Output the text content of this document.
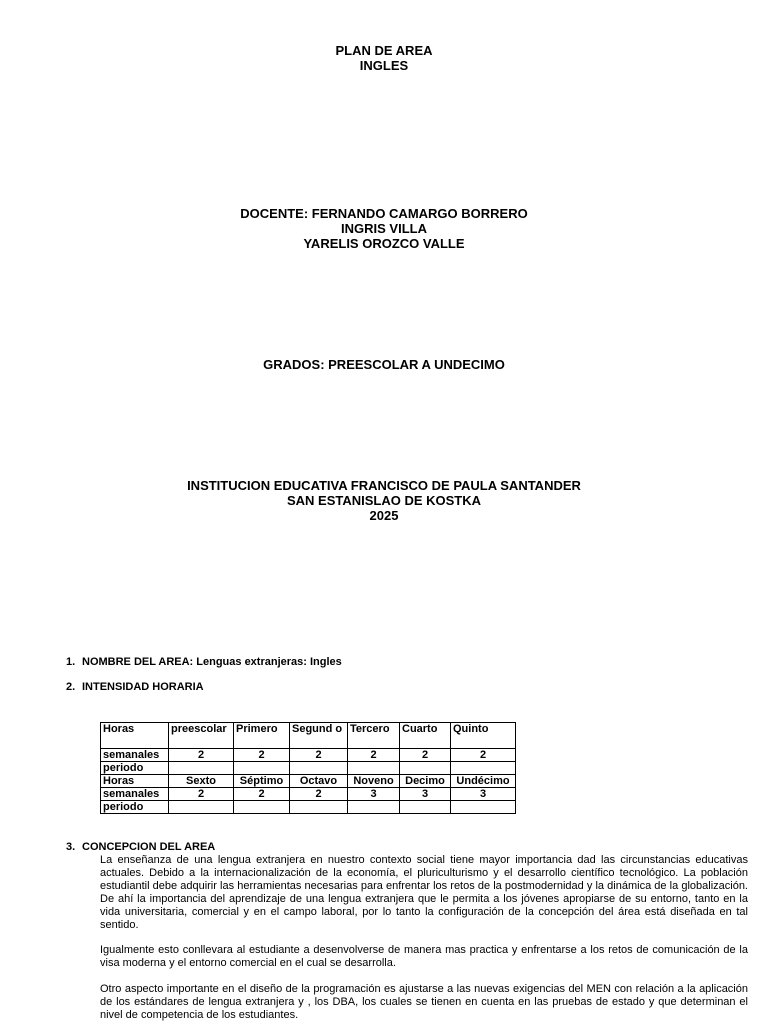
PLAN DE AREA
INGLES
DOCENTE: FERNANDO CAMARGO BORRERO
INGRIS VILLA
YARELIS OROZCO VALLE
GRADOS: PREESCOLAR A UNDECIMO
INSTITUCION EDUCATIVA FRANCISCO DE PAULA SANTANDER
SAN ESTANISLAO DE KOSTKA
2025
1. NOMBRE DEL AREA: Lenguas extranjeras: Ingles
2. INTENSIDAD HORARIA
Horas	preescolar	Primero	Segund o	Tercero	Cuarto	Quinto
semanales	2	2	2	2	2	2
periodo						
Horas	Sexto	Séptimo	Octavo	Noveno	Decimo	Undécimo
semanales	2	2	2	3	3	3
periodo						
3. CONCEPCION DEL AREA
La enseñanza de una lengua extranjera en nuestro contexto social tiene mayor importancia dad las circunstancias educativas actuales. Debido a la internacionalización de la economía, el pluriculturismo y el desarrollo científico tecnológico. La población estudiantil debe adquirir las herramientas necesarias para enfrentar los retos de la postmodernidad y la dinámica de la globalización. De ahí la importancia del aprendizaje de una lengua extranjera que le permita a los jóvenes apropiarse de su entorno, tanto en la vida universitaria, comercial y en el campo laboral, por lo tanto la configuración de la concepción del área está diseñada en tal sentido.
Igualmente esto conllevara al estudiante a desenvolverse de manera mas practica y enfrentarse a los retos de comunicación de la visa moderna y el entorno comercial en el cual se desarrolla.
Otro aspecto importante en el diseño de la programación es ajustarse a las nuevas exigencias del MEN con relación a la aplicación de los estándares de lengua extranjera y , los DBA, los cuales se tienen en cuenta en las pruebas de estado y que determinan el nivel de competencia de los estudiantes.
